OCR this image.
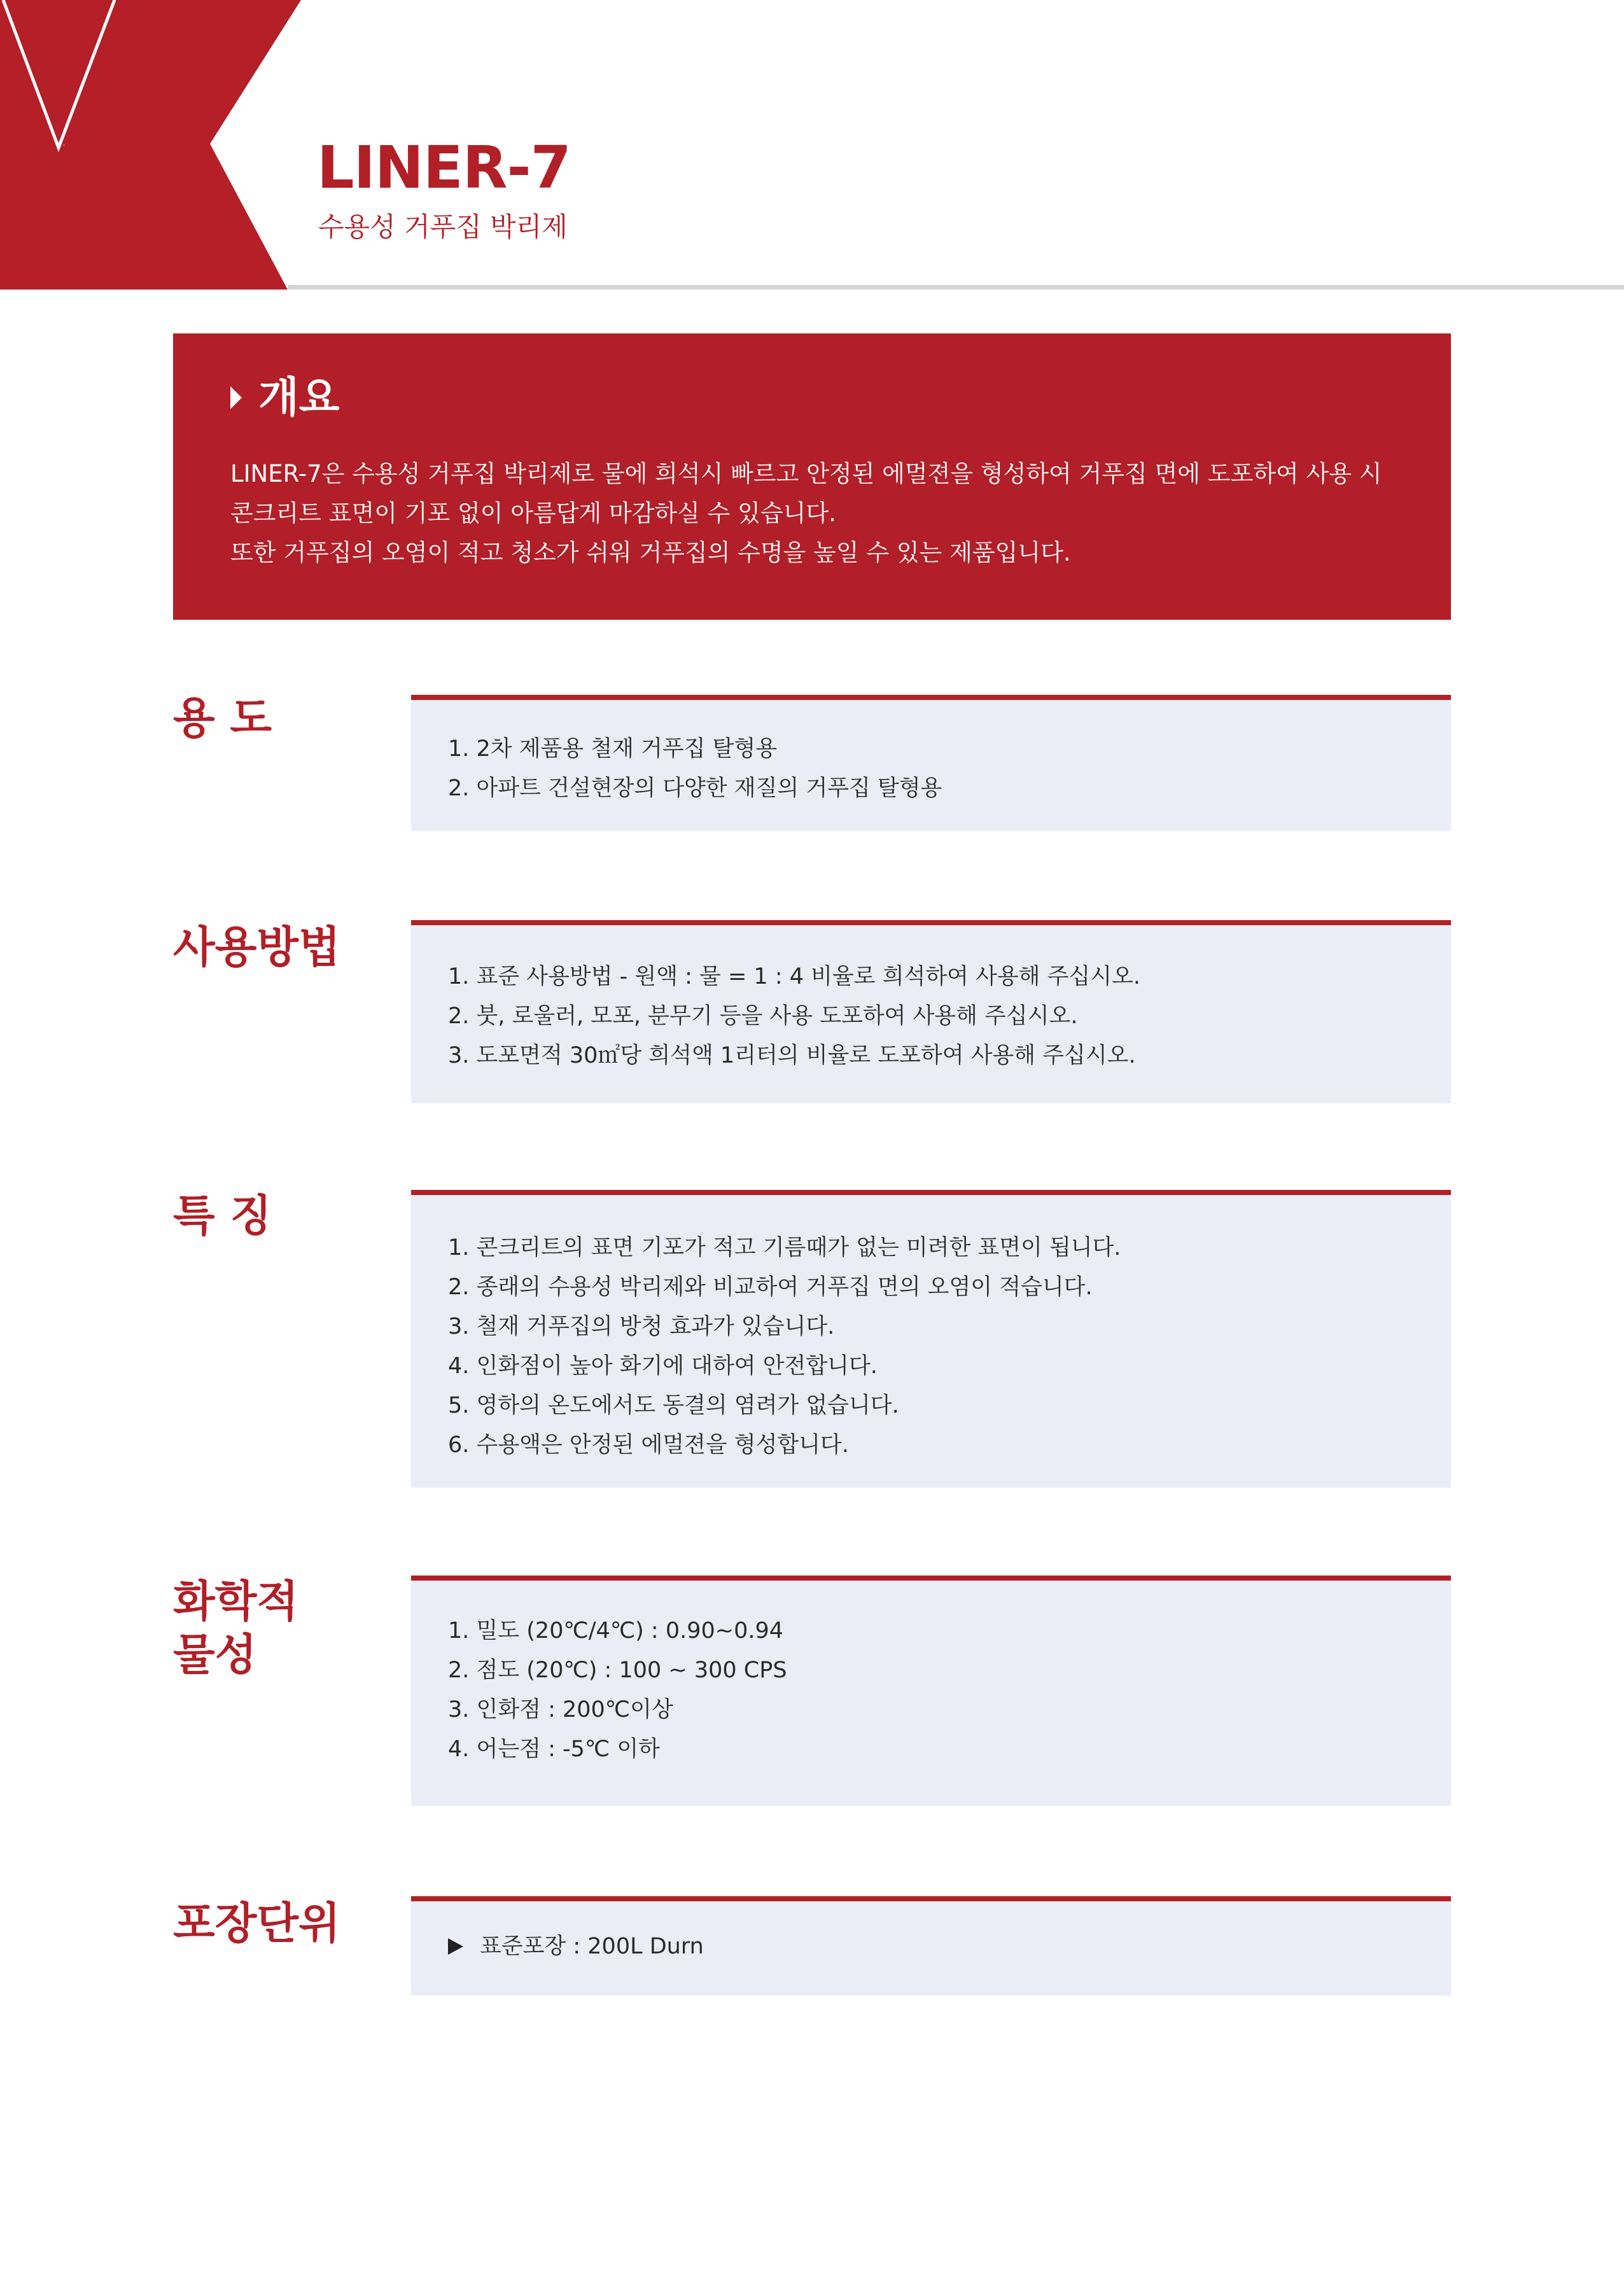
LINER-7
수용성 거푸집 박리제
개요
LINER-7은 수용성 거푸집 박리제로 물에 희석시 빠르고 안정된 에멀젼을 형성하여 거푸집 면에 도포하여 사용 시
콘크리트 표면이 기포 없이 아름답게 마감하실 수 있습니다.
또한 거푸집의 오염이 적고 청소가 쉬워 거푸집의 수명을 높일 수 있는 제품입니다.
용 도
1. 2차 제품용 철재 거푸집 탈형용
2. 아파트 건설현장의 다양한 재질의 거푸집 탈형용
사용방법
1. 표준 사용방법 - 원액 : 물 = 1 : 4 비율로 희석하여 사용해 주십시오.
2. 붓, 로울러, 모포, 분무기 등을 사용 도포하여 사용해 주십시오.
3. 도포면적 30㎡당 희석액 1리터의 비율로 도포하여 사용해 주십시오.
특 징
1. 콘크리트의 표면 기포가 적고 기름때가 없는 미려한 표면이 됩니다.
2. 종래의 수용성 박리제와 비교하여 거푸집 면의 오염이 적습니다.
3. 철재 거푸집의 방청 효과가 있습니다.
4. 인화점이 높아 화기에 대하여 안전합니다.
5. 영하의 온도에서도 동결의 염려가 없습니다.
6. 수용액은 안정된 에멀젼을 형성합니다.
화학적
물성	1. 밀도 (20℃/4℃) : 0.90~0.94
2. 점도 (20℃) : 100 ~ 300 CPS
3. 인화점 : 200℃이상
4. 어는점 : -5℃ 이하
포장단위	표준포장 : 200L Durn
